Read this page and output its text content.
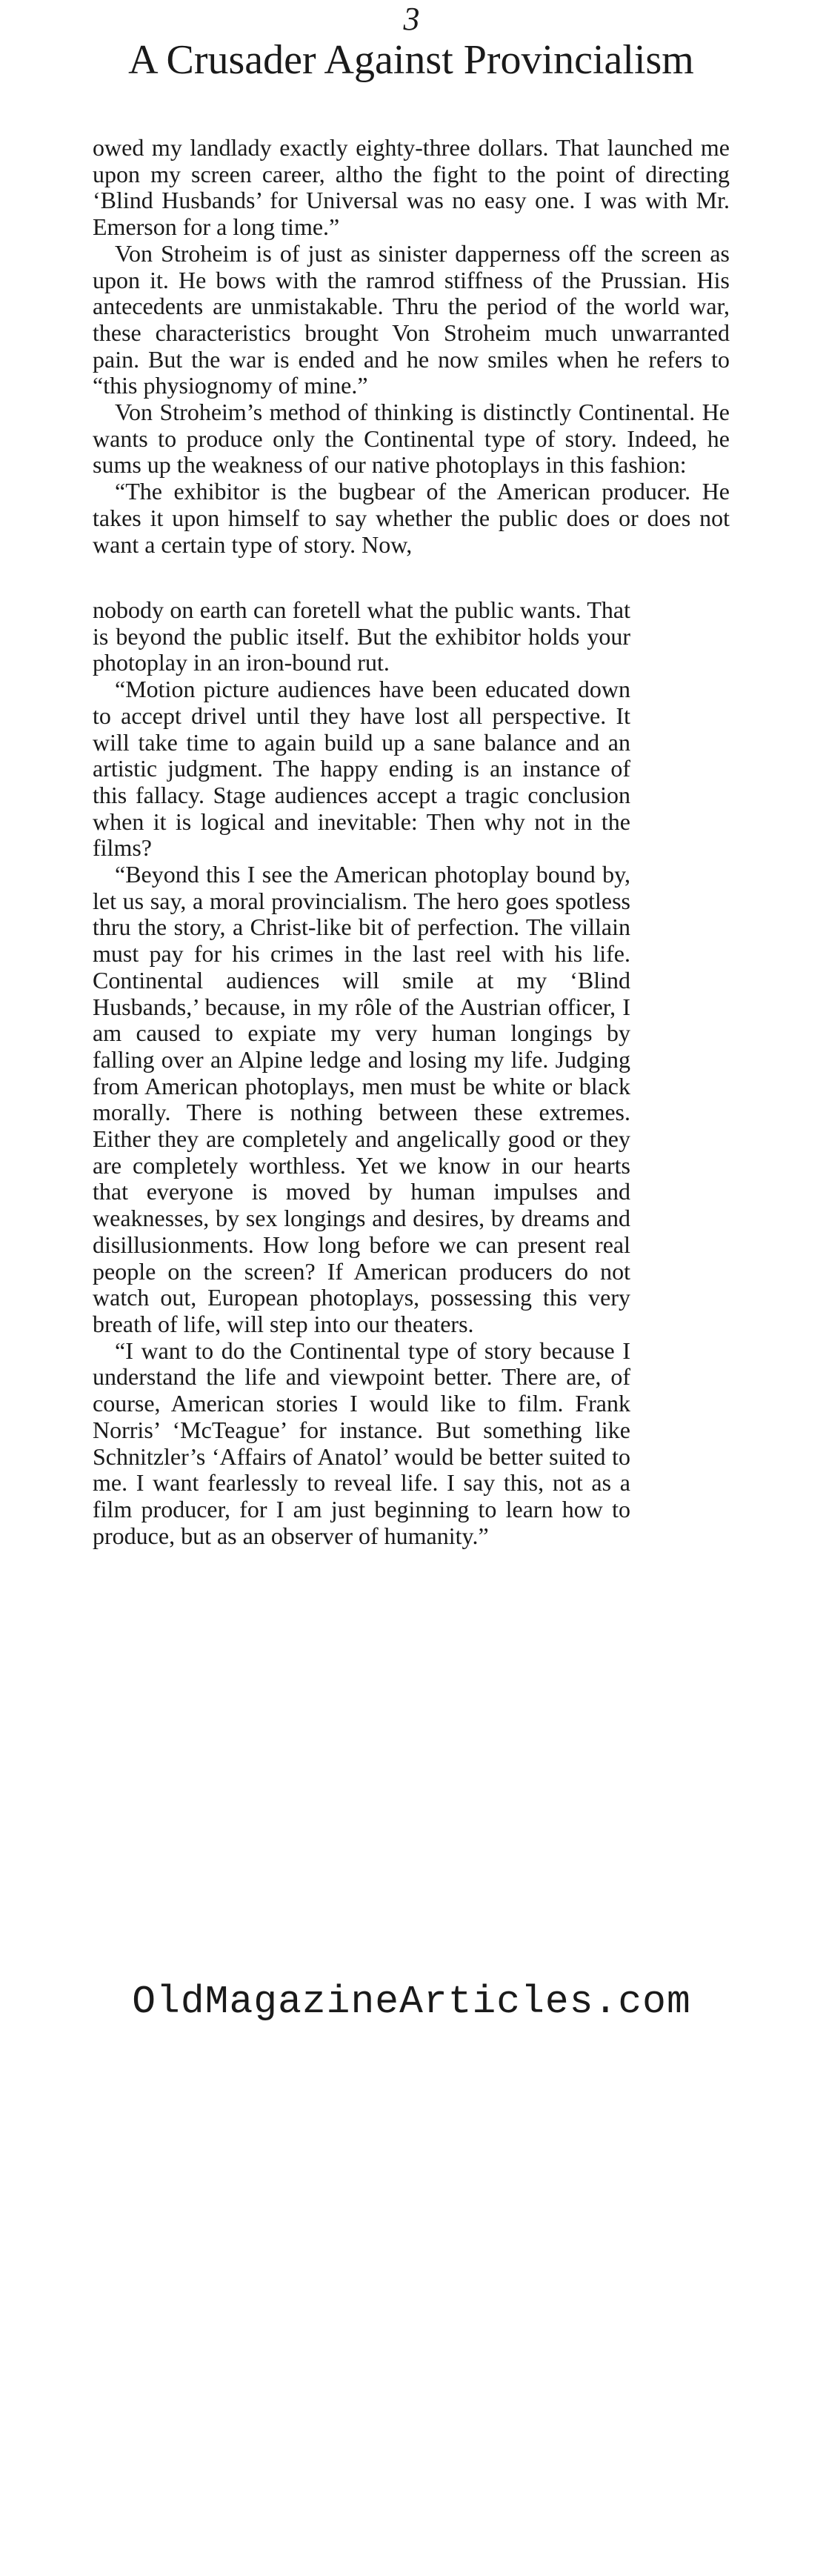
3
A Crusader Against Provincialism

owed my landlady exactly eighty-three dollars. That launched me upon my screen career, altho the fight to the point of directing ‘Blind Husbands’ for Universal was no easy one. I was with Mr. Emerson for a long time.”

Von Stroheim is of just as sinister dapperness off the screen as upon it. He bows with the ramrod stiffness of the Prussian. His antecedents are unmistakable. Thru the period of the world war, these characteristics brought Von Stroheim much unwarranted pain. But the war is ended and he now smiles when he refers to “this physiognomy of mine.”

Von Stroheim’s method of thinking is distinctly Continental. He wants to produce only the Continental type of story. Indeed, he sums up the weakness of our native photoplays in this fashion:

“The exhibitor is the bugbear of the American producer. He takes it upon himself to say whether the public does or does not want a certain type of story. Now,

nobody on earth can foretell what the public wants. That is beyond the public itself. But the exhibitor holds your photoplay in an iron-bound rut.

“Motion picture audiences have been educated down to accept drivel until they have lost all perspective. It will take time to again build up a sane balance and an artistic judgment. The happy ending is an instance of this fallacy. Stage audiences accept a tragic conclusion when it is logical and inevitable: Then why not in the films?

“Beyond this I see the American photoplay bound by, let us say, a moral provincialism. The hero goes spotless thru the story, a Christ-like bit of perfection. The villain must pay for his crimes in the last reel with his life. Continental audiences will smile at my ‘Blind Husbands,’ because, in my rôle of the Austrian officer, I am caused to expiate my very human longings by falling over an Alpine ledge and losing my life. Judging from American photoplays, men must be white or black morally. There is nothing between these extremes. Either they are completely and angelically good or they are completely worthless. Yet we know in our hearts that everyone is moved by human impulses and weaknesses, by sex longings and desires, by dreams and disillusionments. How long before we can present real people on the screen? If American producers do not watch out, European photoplays, possessing this very breath of life, will step into our theaters.

“I want to do the Continental type of story because I understand the life and viewpoint better. There are, of course, American stories I would like to film. Frank Norris’ ‘McTeague’ for instance. But something like Schnitzler’s ‘Affairs of Anatol’ would be better suited to me. I want fearlessly to reveal life. I say this, not as a film producer, for I am just beginning to learn how to produce, but as an observer of humanity.”

OldMagazineArticles.com
